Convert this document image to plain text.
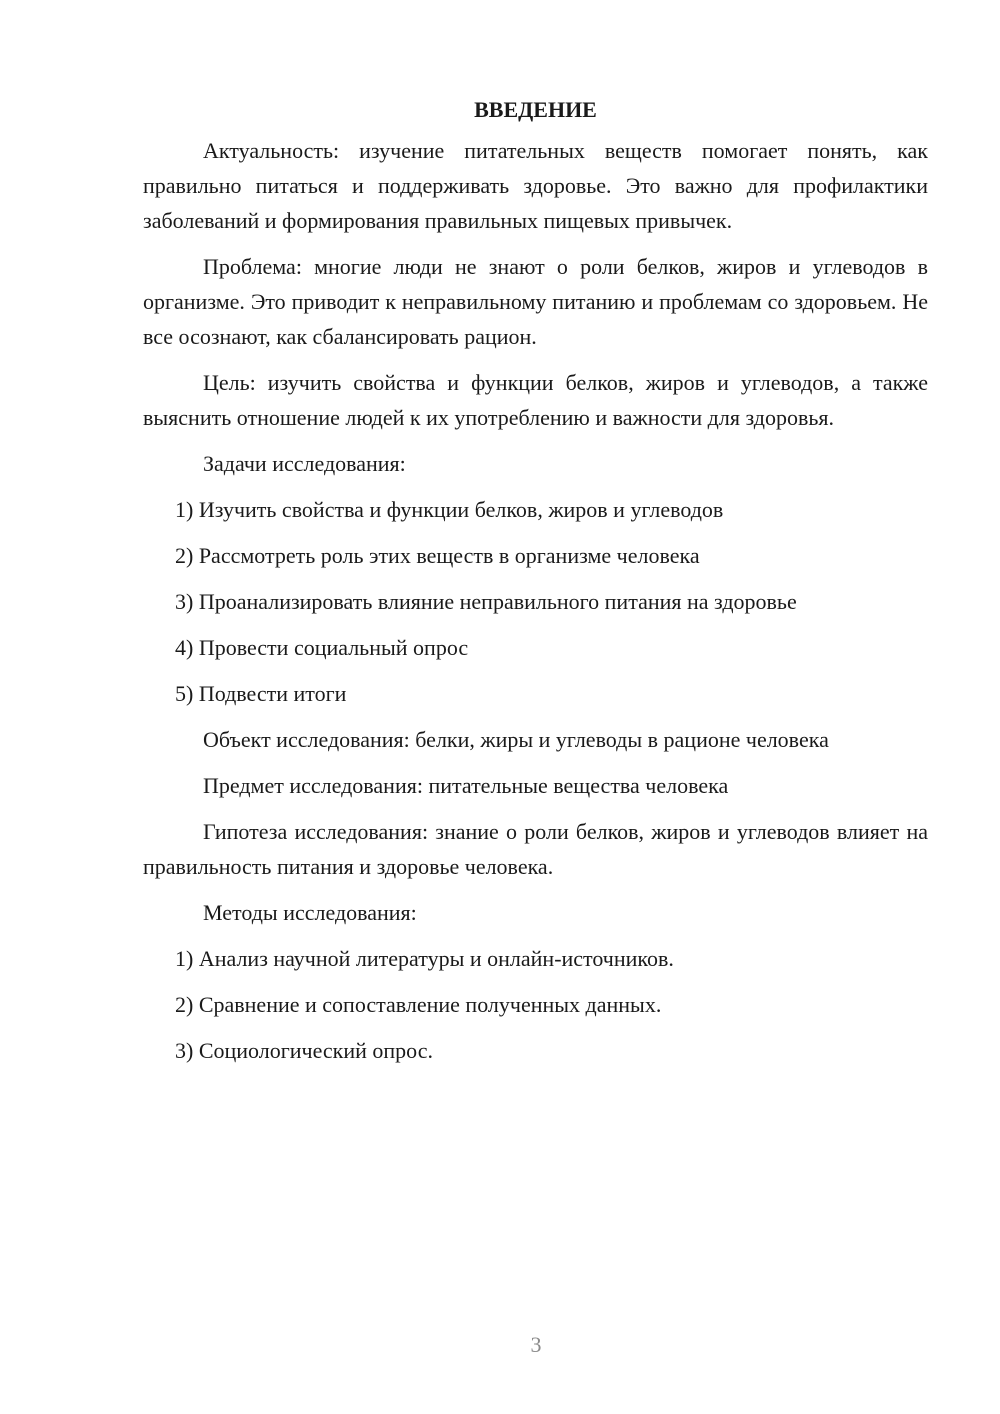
ВВЕДЕНИЕ

Актуальность: изучение питательных веществ помогает понять, как правильно питаться и поддерживать здоровье. Это важно для профилактики заболеваний и формирования правильных пищевых привычек.

Проблема: многие люди не знают о роли белков, жиров и углеводов в организме. Это приводит к неправильному питанию и проблемам со здоровьем. Не все осознают, как сбалансировать рацион.

Цель: изучить свойства и функции белков, жиров и углеводов, а также выяснить отношение людей к их употреблению и важности для здоровья.

Задачи исследования:

1) Изучить свойства и функции белков, жиров и углеводов

2) Рассмотреть роль этих веществ в организме человека

3) Проанализировать влияние неправильного питания на здоровье

4) Провести социальный опрос

5) Подвести итоги

Объект исследования: белки, жиры и углеводы в рационе человека

Предмет исследования: питательные вещества человека

Гипотеза исследования: знание о роли белков, жиров и углеводов влияет на правильность питания и здоровье человека.

Методы исследования:

1) Анализ научной литературы и онлайн-источников.

2) Сравнение и сопоставление полученных данных.

3) Социологический опрос.

3
